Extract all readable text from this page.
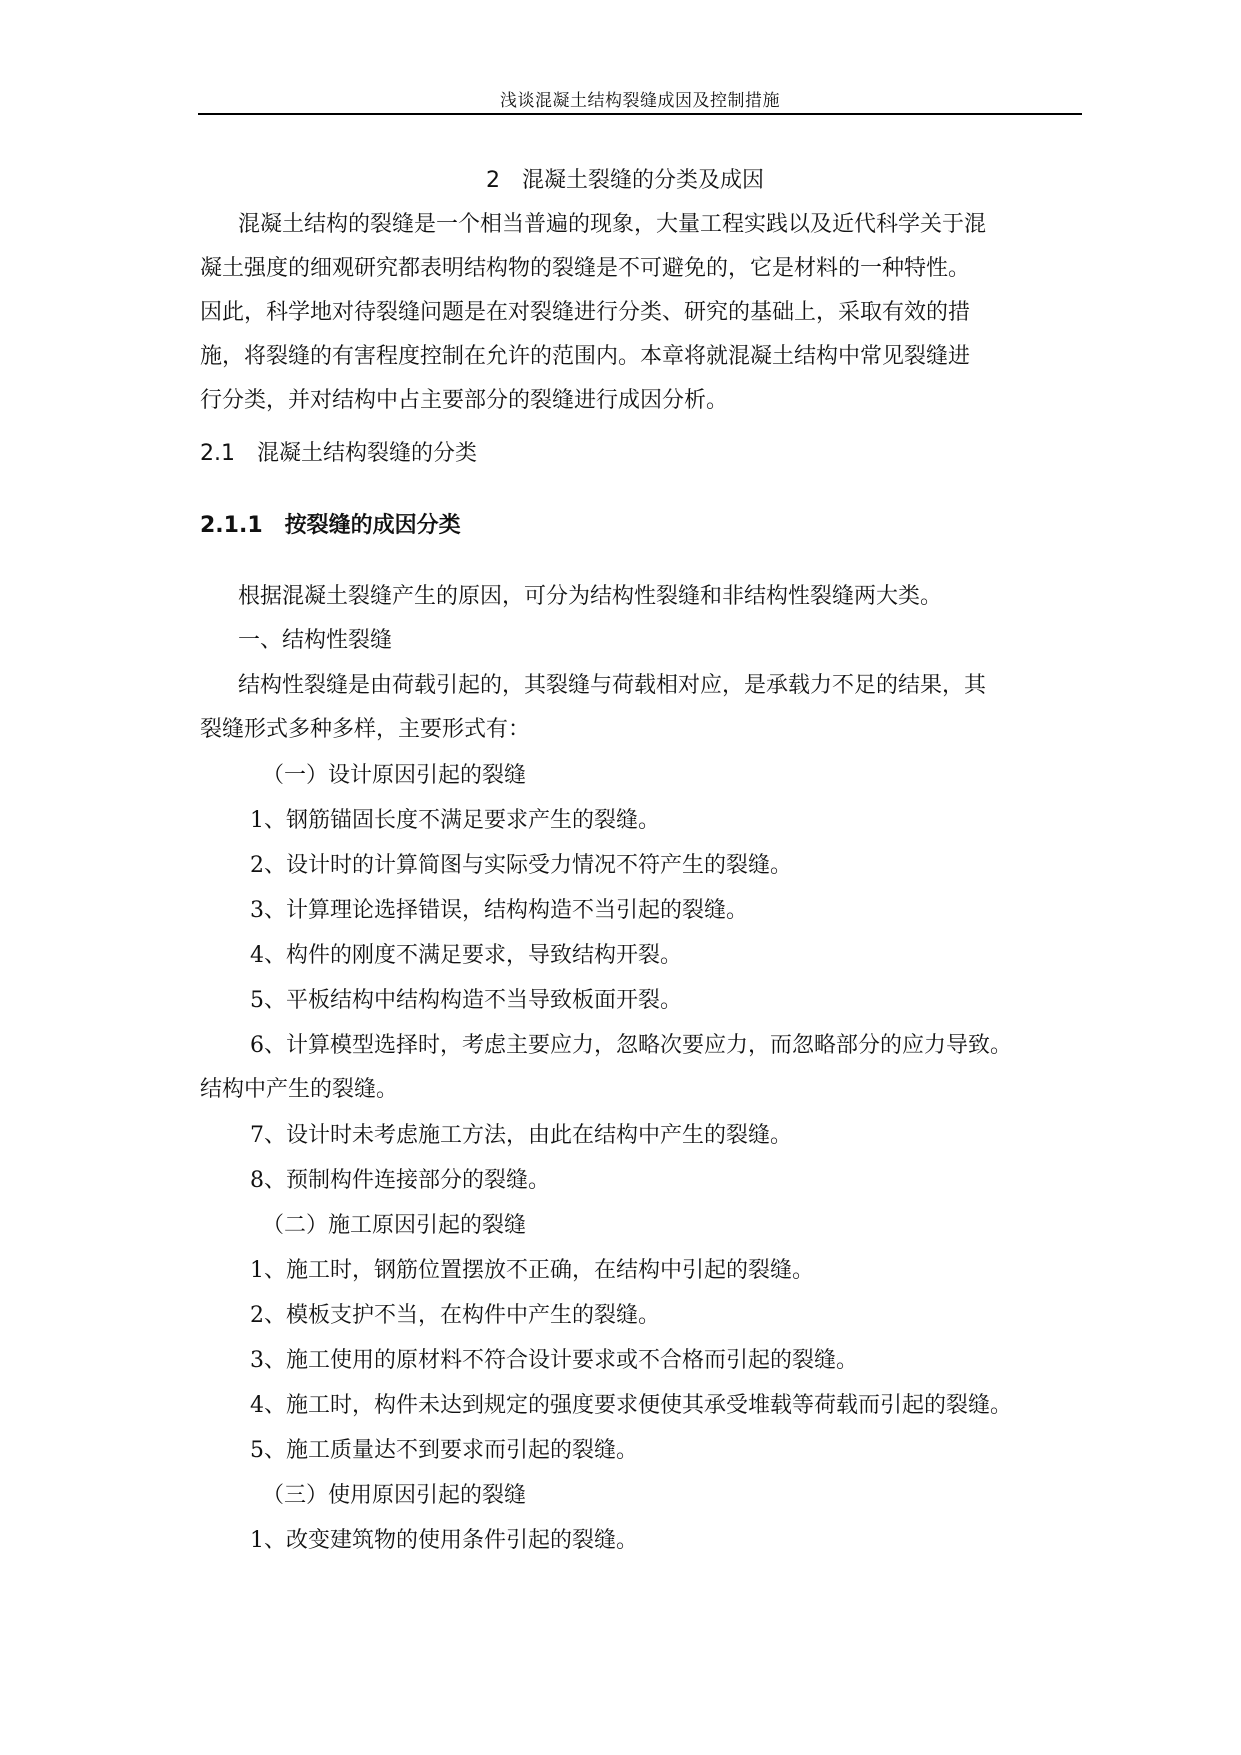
浅谈混凝土结构裂缝成因及控制措施
2　混凝土裂缝的分类及成因
混凝土结构的裂缝是一个相当普遍的现象，大量工程实践以及近代科学关于混
凝土强度的细观研究都表明结构物的裂缝是不可避免的，它是材料的一种特性。
因此，科学地对待裂缝问题是在对裂缝进行分类、研究的基础上，采取有效的措
施，将裂缝的有害程度控制在允许的范围内。本章将就混凝土结构中常见裂缝进
行分类，并对结构中占主要部分的裂缝进行成因分析。
2.1　混凝土结构裂缝的分类
2.1.1　按裂缝的成因分类
根据混凝土裂缝产生的原因，可分为结构性裂缝和非结构性裂缝两大类。
一、结构性裂缝
结构性裂缝是由荷载引起的，其裂缝与荷载相对应，是承载力不足的结果，其
裂缝形式多种多样，主要形式有：
（一）设计原因引起的裂缝
1、钢筋锚固长度不满足要求产生的裂缝。
2、设计时的计算简图与实际受力情况不符产生的裂缝。
3、计算理论选择错误，结构构造不当引起的裂缝。
4、构件的刚度不满足要求，导致结构开裂。
5、平板结构中结构构造不当导致板面开裂。
6、计算模型选择时，考虑主要应力，忽略次要应力，而忽略部分的应力导致。
结构中产生的裂缝。
7、设计时未考虑施工方法，由此在结构中产生的裂缝。
8、预制构件连接部分的裂缝。
（二）施工原因引起的裂缝
1、施工时，钢筋位置摆放不正确，在结构中引起的裂缝。
2、模板支护不当，在构件中产生的裂缝。
3、施工使用的原材料不符合设计要求或不合格而引起的裂缝。
4、施工时，构件未达到规定的强度要求便使其承受堆载等荷载而引起的裂缝。
5、施工质量达不到要求而引起的裂缝。
（三）使用原因引起的裂缝
1、改变建筑物的使用条件引起的裂缝。
